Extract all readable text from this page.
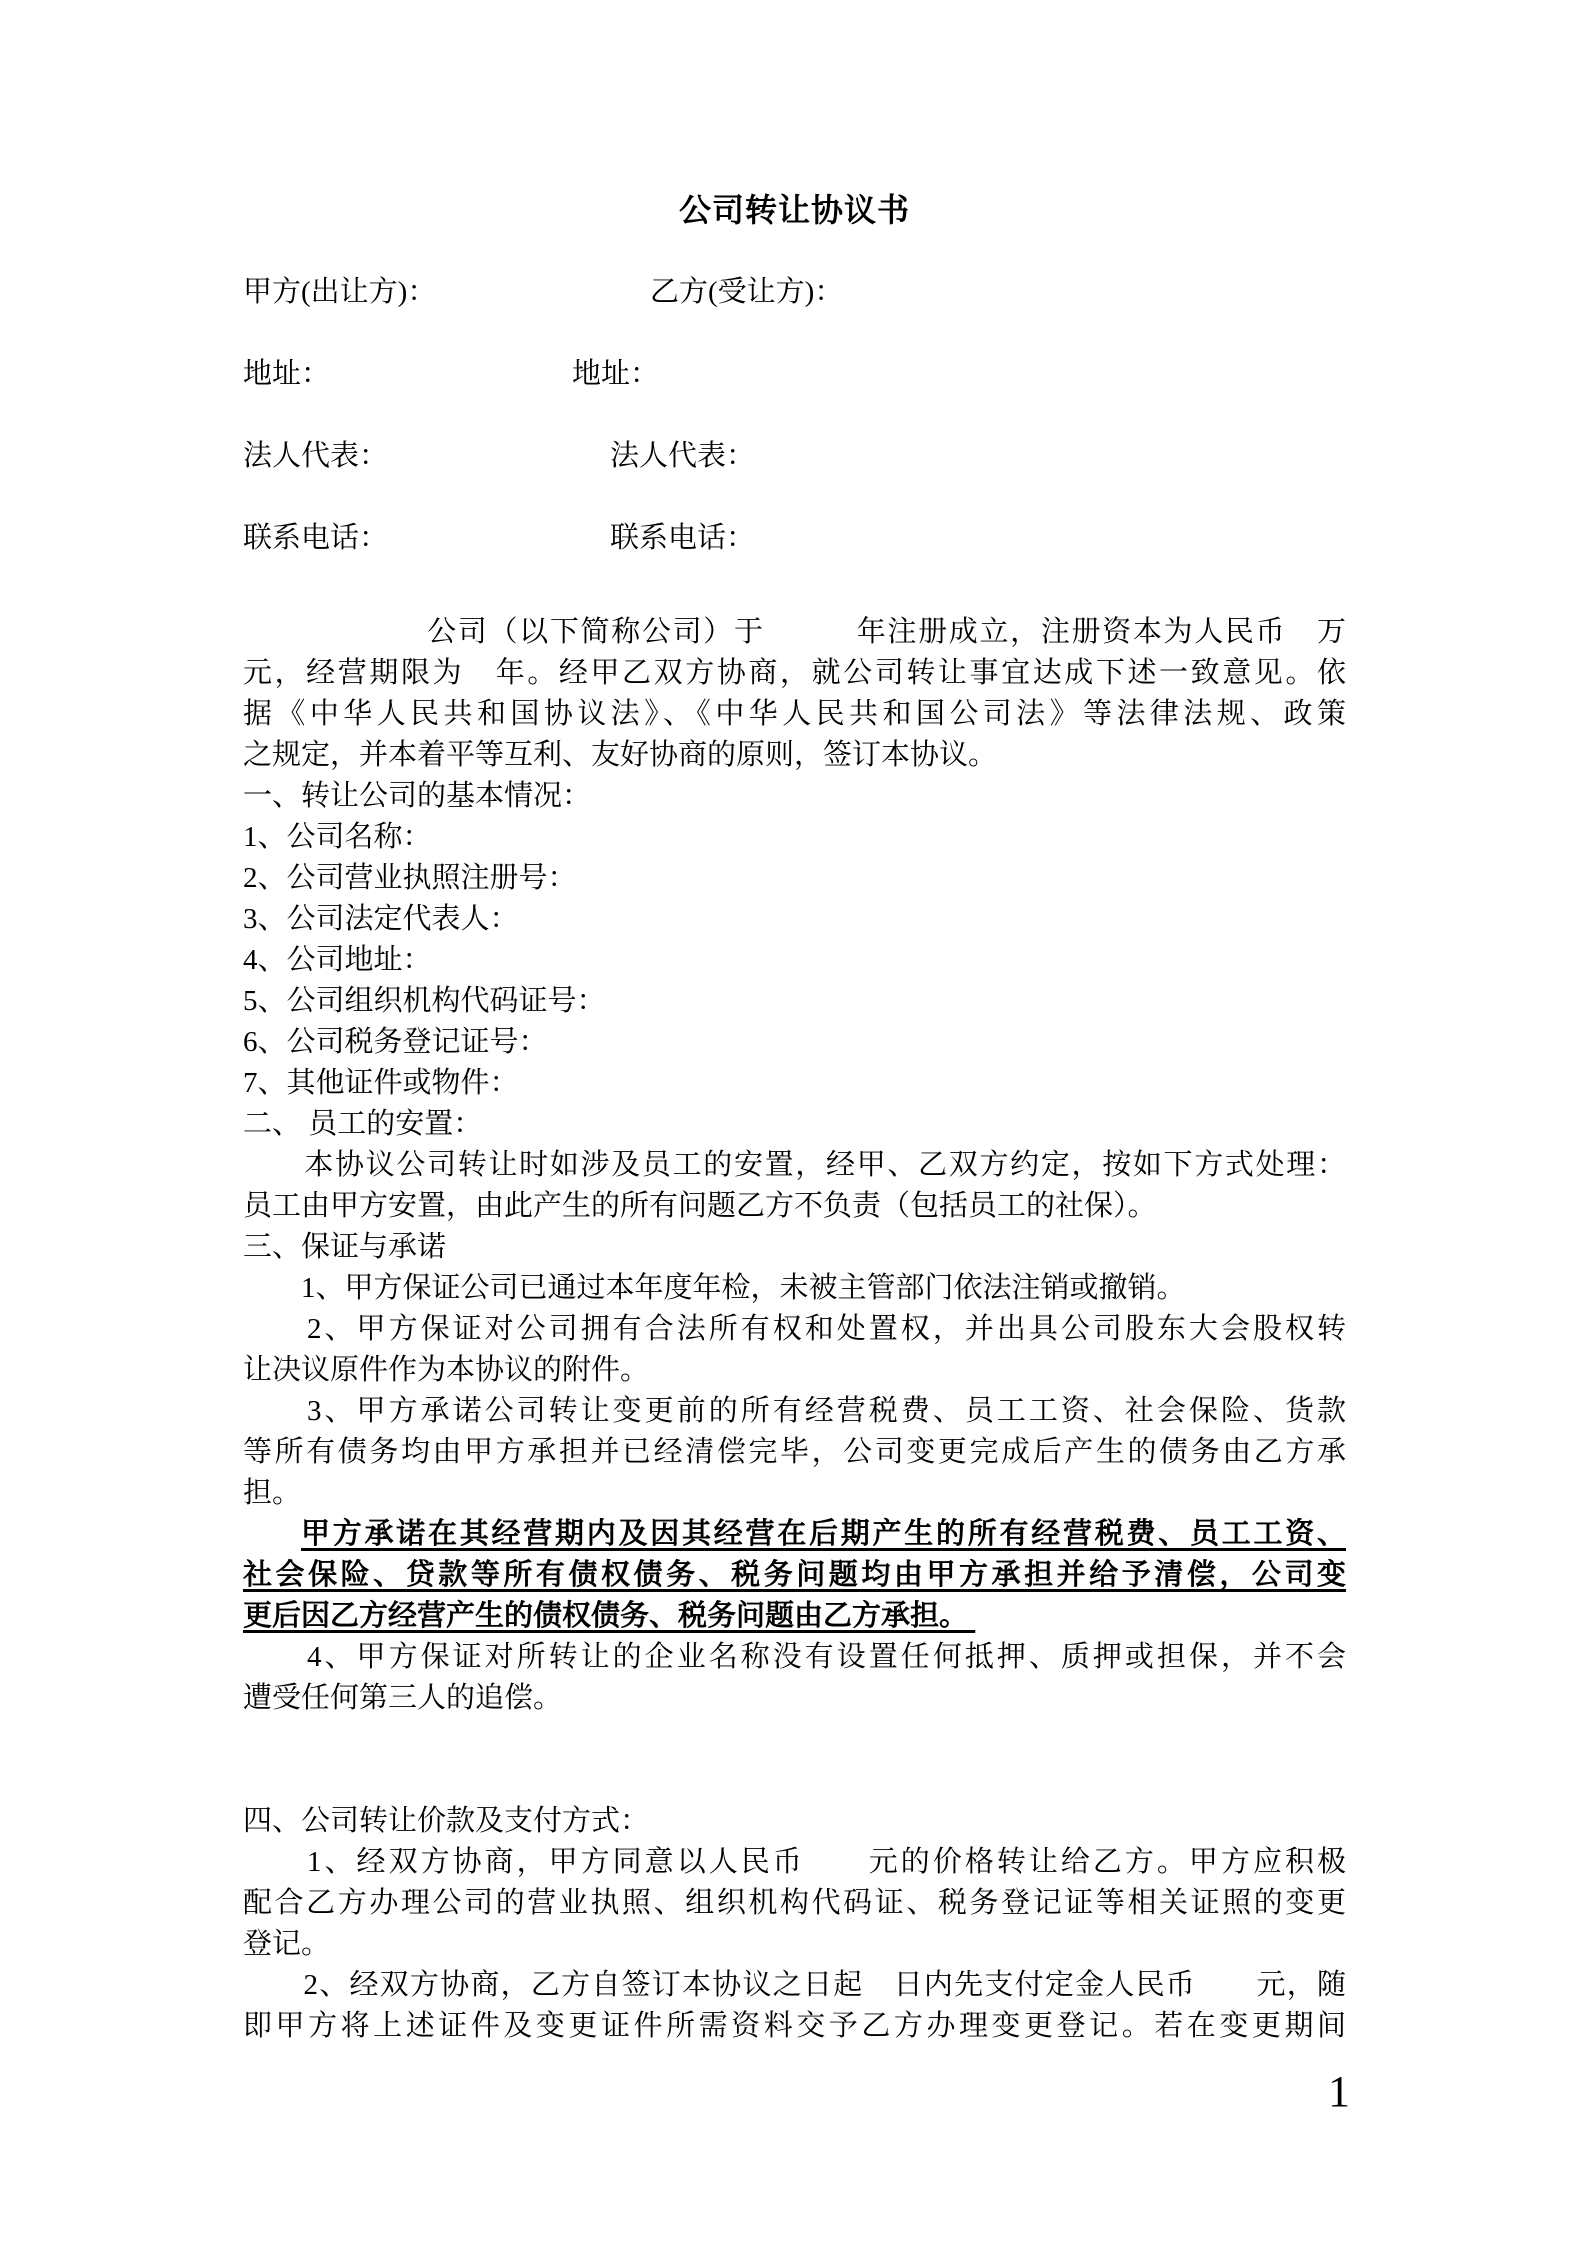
公司转让协议书
甲方(出让方)：	乙方(受让方)：
地址：	地址：
法人代表：	法人代表：
联系电话：	联系电话：
　　　　　　公司（以下简称公司）于　　　年注册成立，注册资本为人民币　万
元，经营期限为　年。经甲乙双方协商，就公司转让事宜达成下述一致意见。依
据《中华人民共和国协议法》、《中华人民共和国公司法》等法律法规、政策
之规定，并本着平等互利、友好协商的原则，签订本协议。
一、转让公司的基本情况：
1、公司名称：
2、公司营业执照注册号：
3、公司法定代表人：
4、公司地址：
5、公司组织机构代码证号：
6、公司税务登记证号：
7、其他证件或物件：
二、 员工的安置：
　　本协议公司转让时如涉及员工的安置，经甲、乙双方约定，按如下方式处理：
员工由甲方安置，由此产生的所有问题乙方不负责（包括员工的社保）。
三、保证与承诺
　　1、甲方保证公司已通过本年度年检，未被主管部门依法注销或撤销。
　　2、甲方保证对公司拥有合法所有权和处置权，并出具公司股东大会股权转
让决议原件作为本协议的附件。
　　3、甲方承诺公司转让变更前的所有经营税费、员工工资、社会保险、货款
等所有债务均由甲方承担并已经清偿完毕，公司变更完成后产生的债务由乙方承
担。
甲方承诺在其经营期内及因其经营在后期产生的所有经营税费、员工工资、
社会保险、贷款等所有债权债务、税务问题均由甲方承担并给予清偿，公司变
更后因乙方经营产生的债权债务、税务问题由乙方承担。
　　4、甲方保证对所转让的企业名称没有设置任何抵押、质押或担保，并不会
遭受任何第三人的追偿。
四、公司转让价款及支付方式：
　　1、经双方协商，甲方同意以人民币　　元的价格转让给乙方。甲方应积极
配合乙方办理公司的营业执照、组织机构代码证、税务登记证等相关证照的变更
登记。
　　2、经双方协商，乙方自签订本协议之日起　日内先支付定金人民币　　元，随
即甲方将上述证件及变更证件所需资料交予乙方办理变更登记。若在变更期间
1
